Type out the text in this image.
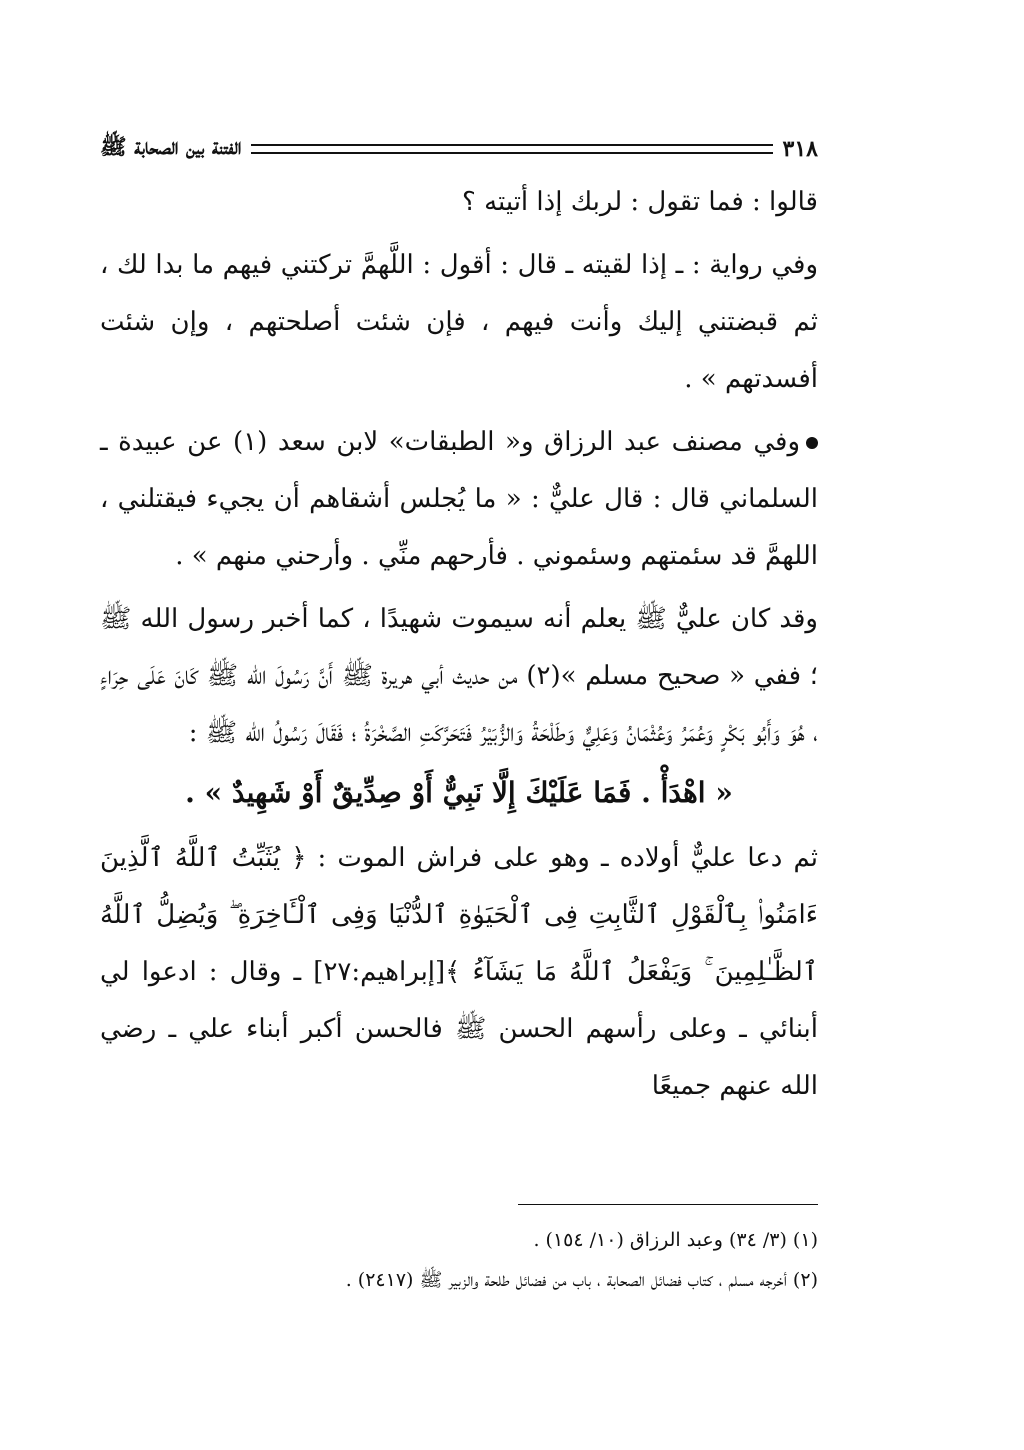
٣١٨
الفتنة بين الصحابة ﷺ

قالوا : فما تقول : لربك إذا أتيته ؟

وفي رواية : ـ إذا لقيته ـ قال : أقول : اللَّهمَّ تركتني فيهم ما بدا لك ، ثم قبضتني إليك وأنت فيهم ، فإن شئت أصلحتهم ، وإن شئت أفسدتهم » .

وفي مصنف عبد الرزاق و« الطبقات» لابن سعد (١) عن عبيدة ـ السلماني قال : قال عليٌّ : « ما يُجلس أشقاهم أن يجيء فيقتلني ، اللهمَّ قد سئمتهم وسئموني . فأرحهم منِّي . وأرحني منهم » .

وقد كان عليٌّ ﷺ يعلم أنه سيموت شهيدًا ، كما أخبر رسول الله ﷺ ؛ ففي « صحيح مسلم »(٢) من حديث أبي هريرة ﷺ أَنَّ رَسُولَ الله ﷺ كَانَ عَلَى حِرَاءٍ ، هُوَ وَأَبُو بَكْرٍ وَعُمَرُ وَعُثْمَانُ وَعَلِيٌّ وَطَلْحَةُ وَالزُّبَيْرُ فَتَحَرَّكَتِ الصَّخْرَةُ ؛ فَقَالَ رَسُولُ الله ﷺ :

« اهْدَأْ . فَمَا عَلَيْكَ إِلَّا نَبِيٌّ أَوْ صِدِّيقٌ أَوْ شَهِيدٌ » .

ثم دعا عليٌّ أولاده ـ وهو على فراش الموت : ﴿ يُثَبِّتُ ٱللَّهُ ٱلَّذِينَ ءَامَنُوا۟ بِٱلْقَوْلِ ٱلثَّابِتِ فِى ٱلْحَيَوٰةِ ٱلدُّنْيَا وَفِى ٱلْـَٔاخِرَةِ ۖ وَيُضِلُّ ٱللَّهُ ٱلظَّـٰلِمِينَ ۚ وَيَفْعَلُ ٱللَّهُ مَا يَشَآءُ ﴾[إبراهيم:٢٧] ـ وقال : ادعوا لي أبنائي ـ وعلى رأسهم الحسن ﷺ فالحسن أكبر أبناء علي ـ رضي الله عنهم جميعًا

(١) (٣/ ٣٤) وعبد الرزاق (١٠/ ١٥٤) .

(٢) أخرجه مسلم ، كتاب فضائل الصحابة ، باب من فضائل طلحة والزبير ﷺ (٢٤١٧) .
